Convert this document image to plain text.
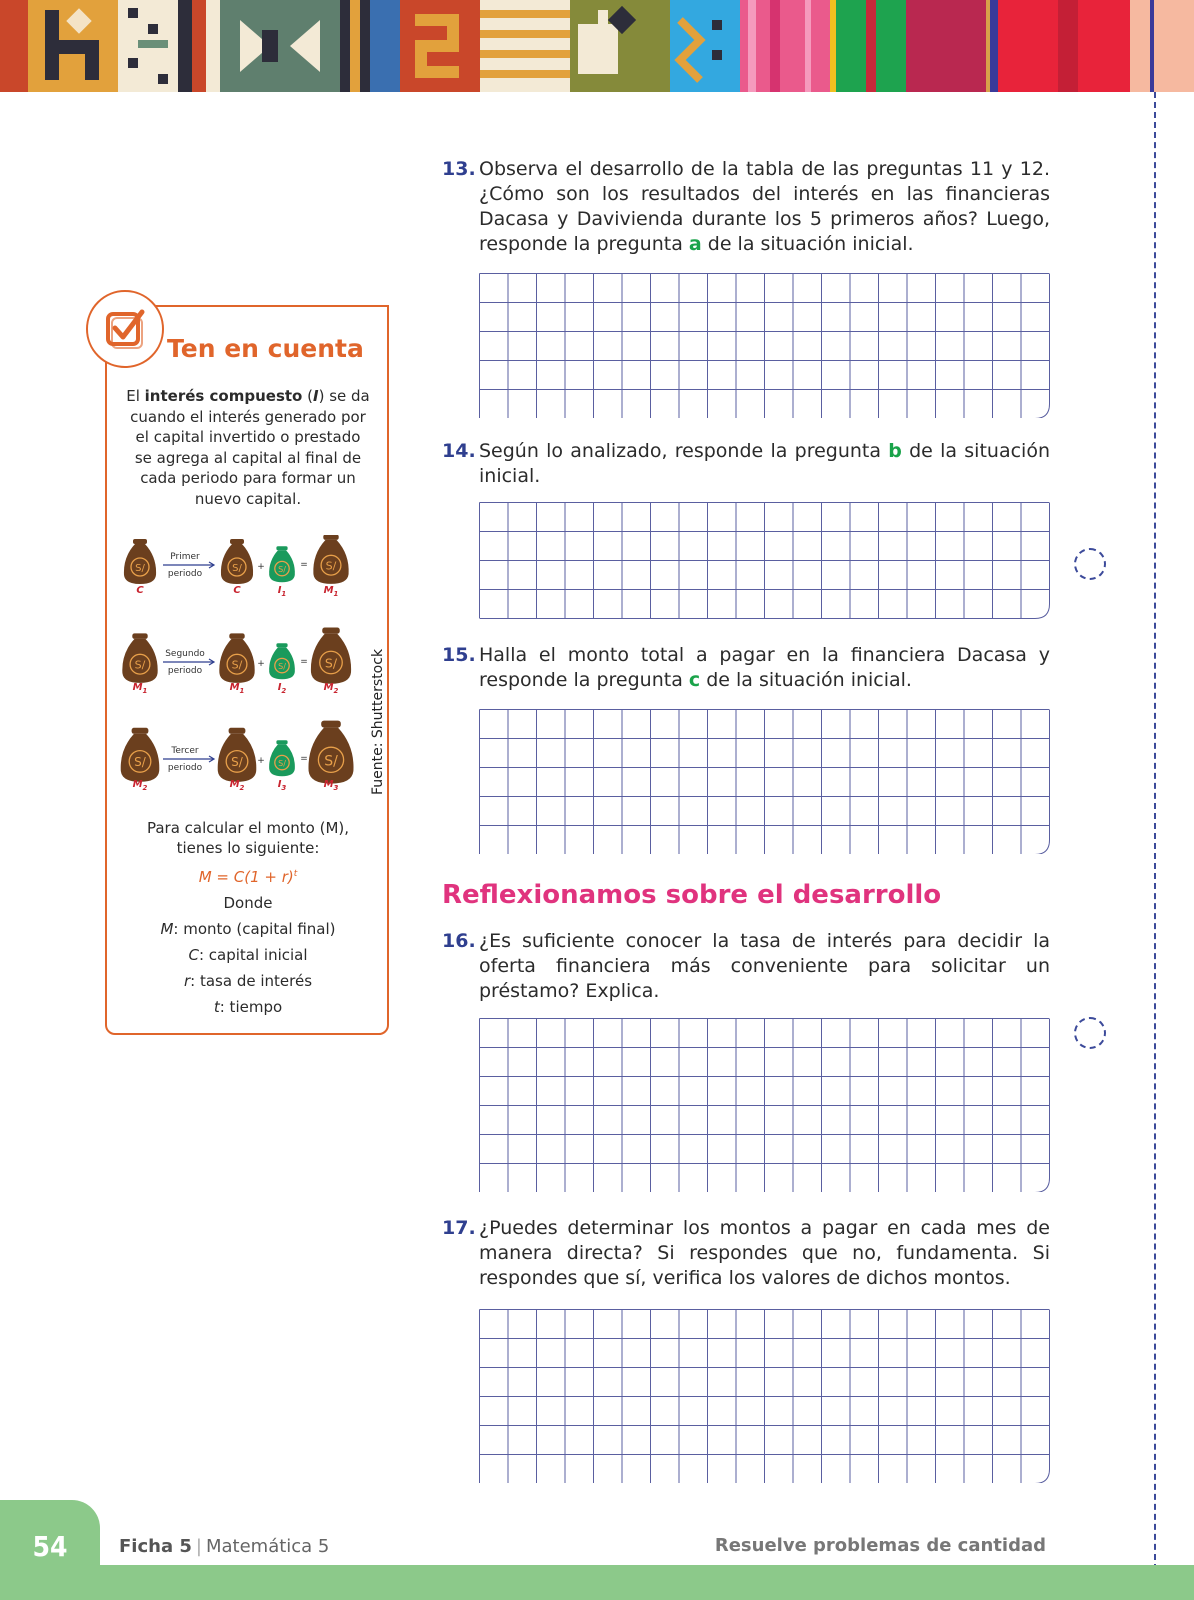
13. Observa el desarrollo de la tabla de las preguntas 11 y 12. ¿Cómo son los resultados del interés en las financieras Dacasa y Davivienda durante los 5 primeros años? Luego, responde la pregunta a de la situación inicial.
14. Según lo analizado, responde la pregunta b de la situación inicial.
15. Halla el monto total a pagar en la financiera Dacasa y responde la pregunta c de la situación inicial.
Reflexionamos sobre el desarrollo
16. ¿Es suficiente conocer la tasa de interés para decidir la oferta financiera más conveniente para solicitar un préstamo? Explica.
17. ¿Puedes determinar los montos a pagar en cada mes de manera directa? Si respondes que no, fundamenta. Si respondes que sí, verifica los valores de dichos montos.
Ten en cuenta
El interés compuesto (I) se da cuando el interés generado por el capital invertido o prestado se agrega al capital al final de cada periodo para formar un nuevo capital.
S/
C
Primer
periodo	S/
C
+ S/
$I_1$
= S/
$M_1$
S/
$M_1$
Segundo
periodo	S/
$M_1$
+ S/
$I_2$
= S/
$M_2$
S/
$M_2$
Tercer
periodo S/
$M_2$
+ S/
$I_3$
= S/
$M_3$ Fuente: Shutterstock
Para calcular el monto (M), tienes lo siguiente:
$M = C(1 + r)^t$
Donde
M: monto (capital final)
C: capital inicial
r: tasa de interés
t: tiempo
54	Ficha 5 | Matemática 5	Resuelve problemas de cantidad
